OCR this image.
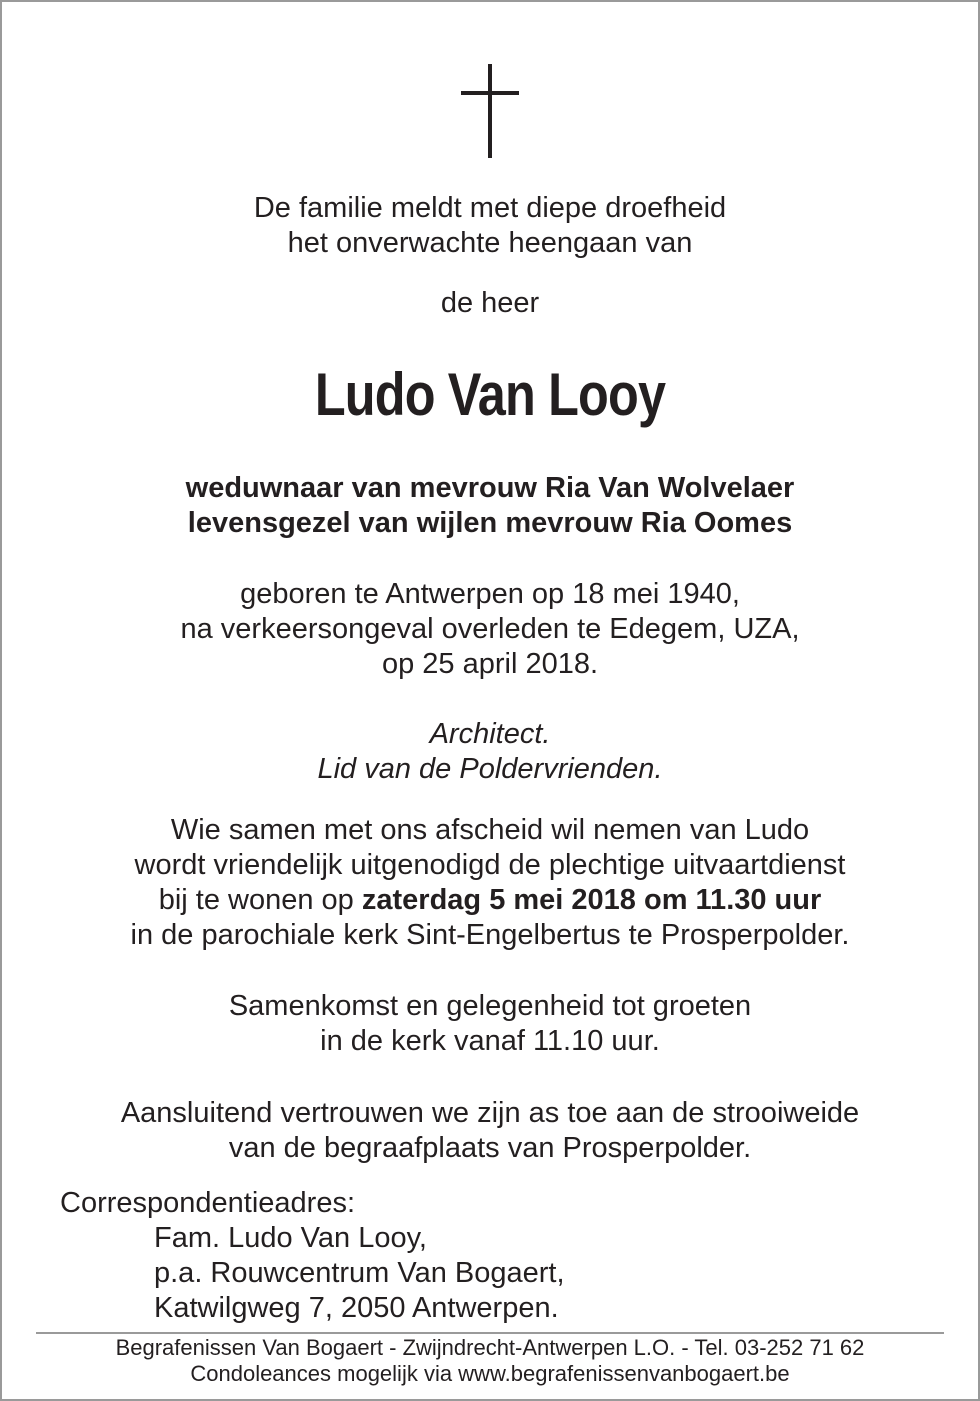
De familie meldt met diepe droefheid
het onverwachte heengaan van
de heer
Ludo Van Looy
weduwnaar van mevrouw Ria Van Wolvelaer
levensgezel van wijlen mevrouw Ria Oomes
geboren te Antwerpen op 18 mei 1940,
na verkeersongeval overleden te Edegem, UZA,
op 25 april 2018.
Architect.
Lid van de Poldervrienden.
Wie samen met ons afscheid wil nemen van Ludo
wordt vriendelijk uitgenodigd de plechtige uitvaartdienst
bij te wonen op zaterdag 5 mei 2018 om 11.30 uur
in de parochiale kerk Sint-Engelbertus te Prosperpolder.
Samenkomst en gelegenheid tot groeten
in de kerk vanaf 11.10 uur.
Aansluitend vertrouwen we zijn as toe aan de strooiweide
van de begraafplaats van Prosperpolder.
Correspondentieadres:
Fam. Ludo Van Looy,
p.a. Rouwcentrum Van Bogaert,
Katwilgweg 7, 2050 Antwerpen.
Begrafenissen Van Bogaert - Zwijndrecht-Antwerpen L.O. - Tel. 03-252 71 62
Condoleances mogelijk via www.begrafenissenvanbogaert.be
